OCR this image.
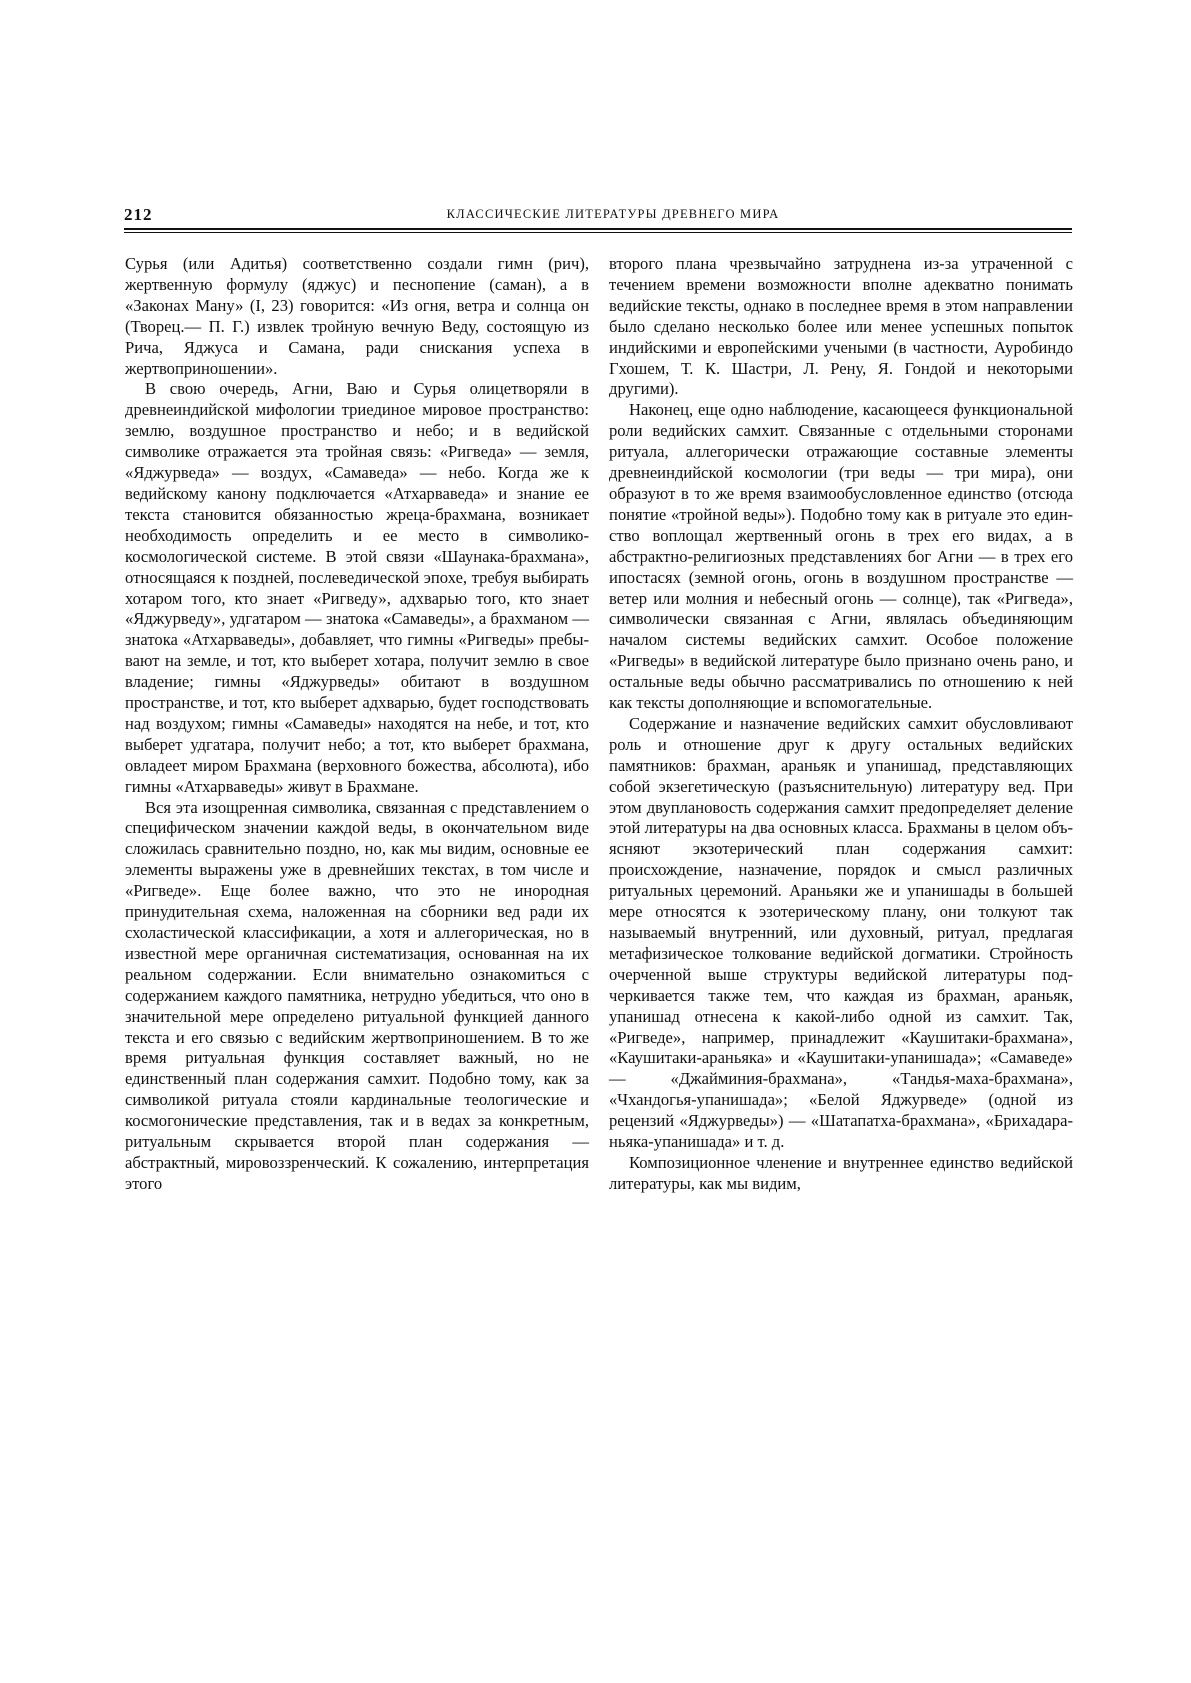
212	КЛАССИЧЕСКИЕ ЛИТЕРАТУРЫ ДРЕВНЕГО МИРА

Сурья (или Адитья) соответственно создали гимн (рич), жертвенную формулу (яджус) и песнопение (саман), а в «Законах Ману» (I, 23) говорится: «Из огня, ветра и солнца он (Творец.— П. Г.) извлек тройную вечную Веду, состоящую из Рича, Яджуса и Самана, ради снискания успеха в жертвоприношении».

В свою очередь, Агни, Ваю и Сурья олицетворяли в древнеиндийской мифологии триединое мировое пространство: землю, воздушное пространство и небо; и в ведийской символике отражается эта тройная связь: «Ригведа» — земля, «Яджурведа» — воздух, «Самаведа» — небо. Когда же к ведийскому канону подключается «Атхарваведа» и знание ее текста становится обязанностью жреца-брахмана, возникает необходимость определить и ее место в символико-космологической системе. В этой связи «Шаунака-брахмана», относящаяся к поздней, послеведической эпохе, требуя выбирать хотаром того, кто знает «Ригведу», адхварью того, кто знает «Яджурведу», удгатаром — знатока «Самаведы», а брахманом — знатока «Атхарваведы», добавляет, что гимны «Ригведы» пребывают на земле, и тот, кто выберет хотара, получит землю в свое владение; гимны «Яджурведы» обитают в воздушном пространстве, и тот, кто выберет адхварью, будет господствовать над воздухом; гимны «Самаведы» находятся на небе, и тот, кто выберет удгатара, получит небо; а тот, кто выберет брахмана, овладеет миром Брахмана (верховного божества, абсолюта), ибо гимны «Атхарваведы» живут в Брахмане.

Вся эта изощренная символика, связанная с представлением о специфическом значении каждой веды, в окончательном виде сложилась сравнительно поздно, но, как мы видим, основные ее элементы выражены уже в древнейших текстах, в том числе и «Ригведе». Еще более важно, что это не инородная принудительная схема, наложенная на сборники вед ради их схоластической классификации, а хотя и аллегорическая, но в известной мере органичная систематизация, основанная на их реальном содержании. Если внимательно ознакомиться с содержанием каждого памятника, нетрудно убедиться, что оно в значительной мере определено ритуальной функцией данного текста и его связью с ведийским жертвоприношением. В то же время ритуальная функция составляет важный, но не единственный план содержания самхит. Подобно тому, как за символикой ритуала стояли кардинальные теологические и космогонические представления, так и в ведах за конкретным, ритуальным скрывается второй план содержания — абстрактный, мировоззренческий. К сожалению, интерпретация этого

второго плана чрезвычайно затруднена из-за утраченной с течением времени возможности вполне адекватно понимать ведийские тексты, однако в последнее время в этом направлении было сделано несколько более или менее успешных попыток индийскими и европейскими учеными (в частности, Ауробиндо Гхошем, Т. К. Шастри, Л. Рену, Я. Гондой и некоторыми другими).

Наконец, еще одно наблюдение, касающееся функциональной роли ведийских самхит. Связанные с отдельными сторонами ритуала, аллегорически отражающие составные элементы древнеиндийской космологии (три веды — три мира), они образуют в то же время взаимообусловленное единство (отсюда понятие «тройной веды»). Подобно тому как в ритуале это единство воплощал жертвенный огонь в трех его видах, а в абстрактно-религиозных представлениях бог Агни — в трех его ипостасях (земной огонь, огонь в воздушном пространстве — ветер или молния и небесный огонь — солнце), так «Ригведа», символически связанная с Агни, являлась объединяющим началом системы ведийских самхит. Особое положение «Ригведы» в ведийской литературе было признано очень рано, и остальные веды обычно рассматривались по отношению к ней как тексты дополняющие и вспомогательные.

Содержание и назначение ведийских самхит обусловливают роль и отношение друг к другу остальных ведийских памятников: брахман, араньяк и упанишад, представляющих собой экзегетическую (разъяснительную) литературу вед. При этом двуплановость содержания самхит предопределяет деление этой литературы на два основных класса. Брахманы в целом объясняют экзотерический план содержания самхит: происхождение, назначение, порядок и смысл различных ритуальных церемоний. Араньяки же и упанишады в большей мере относятся к эзотерическому плану, они толкуют так называемый внутренний, или духовный, ритуал, предлагая метафизическое толкование ведийской догматики. Стройность очерченной выше структуры ведийской литературы подчеркивается также тем, что каждая из брахман, араньяк, упанишад отнесена к какой-либо одной из самхит. Так, «Ригведе», например, принадлежит «Каушитаки-брахмана», «Каушитаки-араньяка» и «Каушитаки-упанишада»; «Самаведе» — «Джайминия-брахмана», «Тандья-маха-брахмана», «Чхандогья-упанишада»; «Белой Яджурведе» (одной из рецензий «Яджурведы») — «Шатапатха-брахмана», «Брихадараньяка-упанишада» и т. д.

Композиционное членение и внутреннее единство ведийской литературы, как мы видим,
